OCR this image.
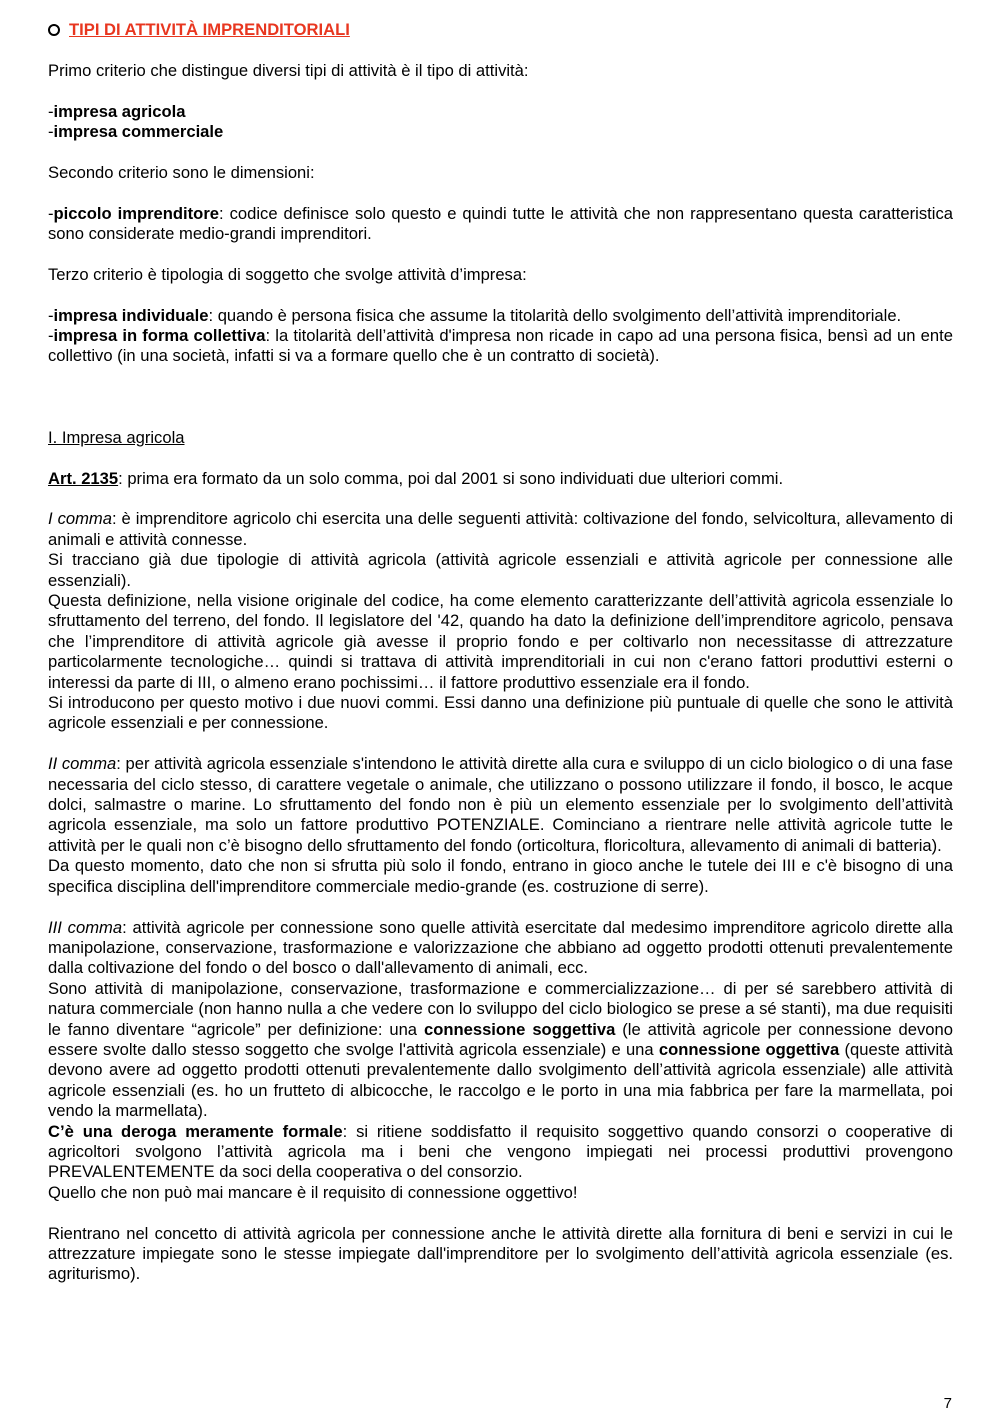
TIPI DI ATTIVITÀ IMPRENDITORIALI

Primo criterio che distingue diversi tipi di attività è il tipo di attività:

-impresa agricola

-impresa commerciale

Secondo criterio sono le dimensioni:

-piccolo imprenditore: codice definisce solo questo e quindi tutte le attività che non rappresentano questa caratteristica sono considerate medio-grandi imprenditori.

Terzo criterio è tipologia di soggetto che svolge attività d’impresa:

-impresa individuale: quando è persona fisica che assume la titolarità dello svolgimento dell’attività imprenditoriale.

-impresa in forma collettiva: la titolarità dell’attività d'impresa non ricade in capo ad una persona fisica, bensì ad un ente collettivo (in una società, infatti si va a formare quello che è un contratto di società).

I. Impresa agricola

Art. 2135: prima era formato da un solo comma, poi dal 2001 si sono individuati due ulteriori commi.

I comma: è imprenditore agricolo chi esercita una delle seguenti attività: coltivazione del fondo, selvicoltura, allevamento di animali e attività connesse.

Si tracciano già due tipologie di attività agricola (attività agricole essenziali e attività agricole per connessione alle essenziali).

Questa definizione, nella visione originale del codice, ha come elemento caratterizzante dell’attività agricola essenziale lo sfruttamento del terreno, del fondo. Il legislatore del '42, quando ha dato la definizione dell’imprenditore agricolo, pensava che l’imprenditore di attività agricole già avesse il proprio fondo e per coltivarlo non necessitasse di attrezzature particolarmente tecnologiche… quindi si trattava di attività imprenditoriali in cui non c'erano fattori produttivi esterni o interessi da parte di III, o almeno erano pochissimi… il fattore produttivo essenziale era il fondo.

Si introducono per questo motivo i due nuovi commi. Essi danno una definizione più puntuale di quelle che sono le attività agricole essenziali e per connessione.

II comma: per attività agricola essenziale s'intendono le attività dirette alla cura e sviluppo di un ciclo biologico o di una fase necessaria del ciclo stesso, di carattere vegetale o animale, che utilizzano o possono utilizzare il fondo, il bosco, le acque dolci, salmastre o marine. Lo sfruttamento del fondo non è più un elemento essenziale per lo svolgimento dell’attività agricola essenziale, ma solo un fattore produttivo POTENZIALE. Cominciano a rientrare nelle attività agricole tutte le attività per le quali non c’è bisogno dello sfruttamento del fondo (orticoltura, floricoltura, allevamento di animali di batteria).

Da questo momento, dato che non si sfrutta più solo il fondo, entrano in gioco anche le tutele dei III e c'è bisogno di una specifica disciplina dell'imprenditore commerciale medio-grande (es. costruzione di serre).

III comma: attività agricole per connessione sono quelle attività esercitate dal medesimo imprenditore agricolo dirette alla manipolazione, conservazione, trasformazione e valorizzazione che abbiano ad oggetto prodotti ottenuti prevalentemente dalla coltivazione del fondo o del bosco o dall'allevamento di animali, ecc.

Sono attività di manipolazione, conservazione, trasformazione e commercializzazione… di per sé sarebbero attività di natura commerciale (non hanno nulla a che vedere con lo sviluppo del ciclo biologico se prese a sé stanti), ma due requisiti le fanno diventare “agricole” per definizione: una connessione soggettiva (le attività agricole per connessione devono essere svolte dallo stesso soggetto che svolge l'attività agricola essenziale) e una connessione oggettiva (queste attività devono avere ad oggetto prodotti ottenuti prevalentemente dallo svolgimento dell’attività agricola essenziale) alle attività agricole essenziali (es. ho un frutteto di albicocche, le raccolgo e le porto in una mia fabbrica per fare la marmellata, poi vendo la marmellata).

C’è una deroga meramente formale: si ritiene soddisfatto il requisito soggettivo quando consorzi o cooperative di agricoltori svolgono l’attività agricola ma i beni che vengono impiegati nei processi produttivi provengono PREVALENTEMENTE da soci della cooperativa o del consorzio.

Quello che non può mai mancare è il requisito di connessione oggettivo!

Rientrano nel concetto di attività agricola per connessione anche le attività dirette alla fornitura di beni e servizi in cui le attrezzature impiegate sono le stesse impiegate dall'imprenditore per lo svolgimento dell’attività agricola essenziale (es. agriturismo).

7
